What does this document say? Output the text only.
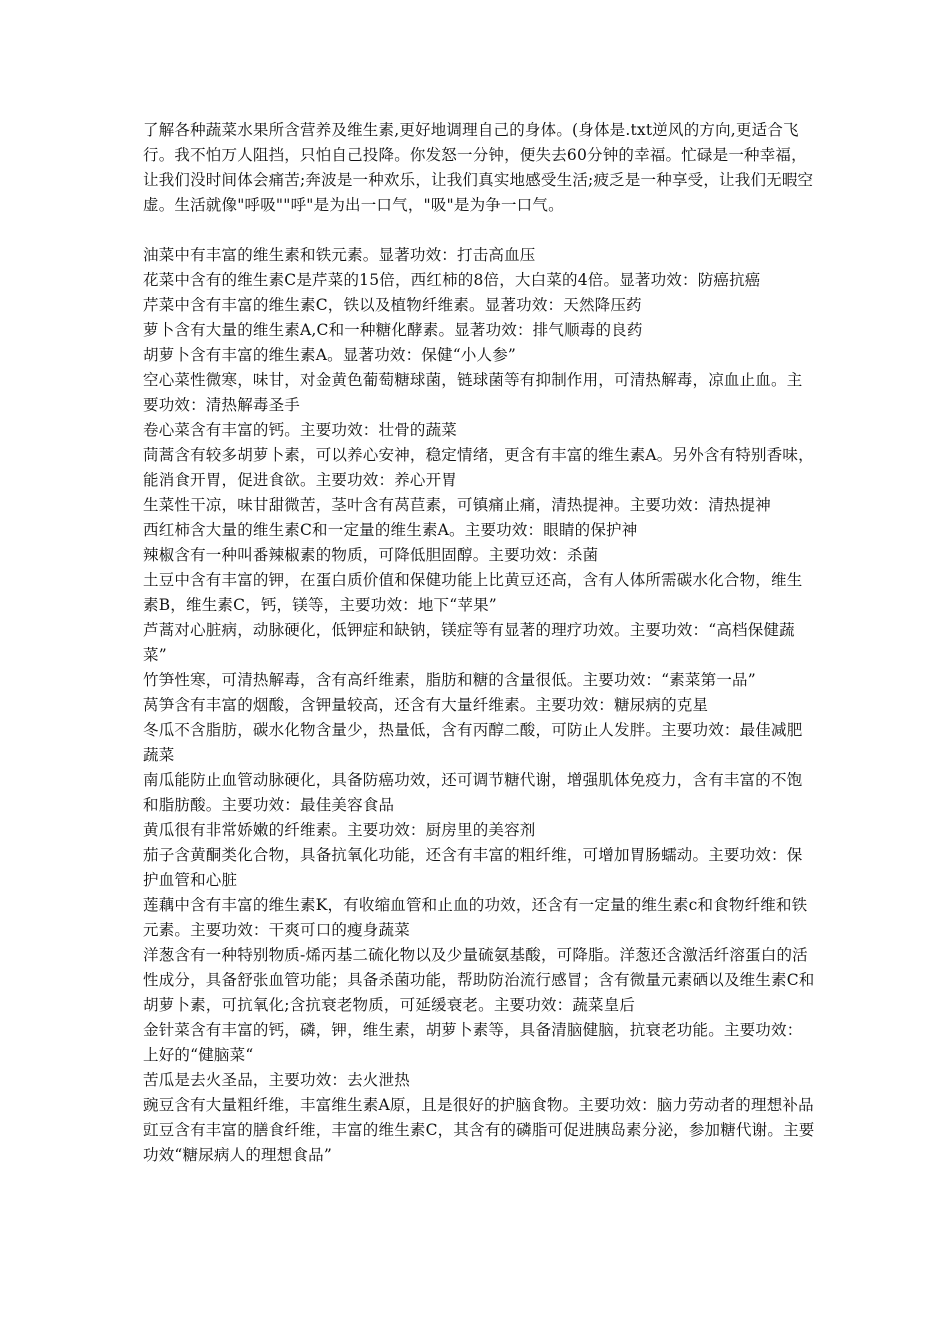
了解各种蔬菜水果所含营养及维生素,更好地调理自己的身体。(身体是.txt逆风的方向,更适合飞行。我不怕万人阻挡，只怕自己投降。你发怒一分钟，便失去60分钟的幸福。忙碌是一种幸福，让我们没时间体会痛苦;奔波是一种欢乐，让我们真实地感受生活;疲乏是一种享受，让我们无暇空虚。生活就像"呼吸""呼"是为出一口气，"吸"是为争一口气。

油菜中有丰富的维生素和铁元素。显著功效：打击高血压

花菜中含有的维生素C是芹菜的15倍，西红柿的8倍，大白菜的4倍。显著功效：防癌抗癌

芹菜中含有丰富的维生素C，铁以及植物纤维素。显著功效：天然降压药

萝卜含有大量的维生素A,C和一种糖化酵素。显著功效：排气顺毒的良药

胡萝卜含有丰富的维生素A。显著功效：保健“小人参”

空心菜性微寒，味甘，对金黄色葡萄糖球菌，链球菌等有抑制作用，可清热解毒，凉血止血。主要功效：清热解毒圣手

卷心菜含有丰富的钙。主要功效：壮骨的蔬菜

茼蒿含有较多胡萝卜素，可以养心安神，稳定情绪，更含有丰富的维生素A。另外含有特别香味，能消食开胃，促进食欲。主要功效：养心开胃

生菜性干凉，味甘甜微苦，茎叶含有莴苣素，可镇痛止痛，清热提神。主要功效：清热提神

西红柿含大量的维生素C和一定量的维生素A。主要功效：眼睛的保护神

辣椒含有一种叫番辣椒素的物质，可降低胆固醇。主要功效：杀菌

土豆中含有丰富的钾，在蛋白质价值和保健功能上比黄豆还高，含有人体所需碳水化合物，维生素B，维生素C，钙，镁等，主要功效：地下“苹果”

芦蒿对心脏病，动脉硬化，低钾症和缺钠，镁症等有显著的理疗功效。主要功效：“高档保健蔬菜”

竹笋性寒，可清热解毒，含有高纤维素，脂肪和糖的含量很低。主要功效：“素菜第一品”

莴笋含有丰富的烟酸，含钾量较高，还含有大量纤维素。主要功效：糖尿病的克星

冬瓜不含脂肪，碳水化物含量少，热量低，含有丙醇二酸，可防止人发胖。主要功效：最佳减肥蔬菜

南瓜能防止血管动脉硬化，具备防癌功效，还可调节糖代谢，增强肌体免疫力，含有丰富的不饱和脂肪酸。主要功效：最佳美容食品

黄瓜很有非常娇嫩的纤维素。主要功效：厨房里的美容剂

茄子含黄酮类化合物，具备抗氧化功能，还含有丰富的粗纤维，可增加胃肠蠕动。主要功效：保护血管和心脏

莲藕中含有丰富的维生素K，有收缩血管和止血的功效，还含有一定量的维生素c和食物纤维和铁元素。主要功效：干爽可口的瘦身蔬菜

洋葱含有一种特别物质-烯丙基二硫化物以及少量硫氨基酸，可降脂。洋葱还含激活纤溶蛋白的活性成分，具备舒张血管功能；具备杀菌功能，帮助防治流行感冒；含有微量元素硒以及维生素C和胡萝卜素，可抗氧化;含抗衰老物质，可延缓衰老。主要功效：蔬菜皇后

金针菜含有丰富的钙，磷，钾，维生素，胡萝卜素等，具备清脑健脑，抗衰老功能。主要功效：上好的“健脑菜“

苦瓜是去火圣品，主要功效：去火泄热

豌豆含有大量粗纤维，丰富维生素A原，且是很好的护脑食物。主要功效：脑力劳动者的理想补品

豇豆含有丰富的膳食纤维，丰富的维生素C，其含有的磷脂可促进胰岛素分泌，参加糖代谢。主要功效“糖尿病人的理想食品”
